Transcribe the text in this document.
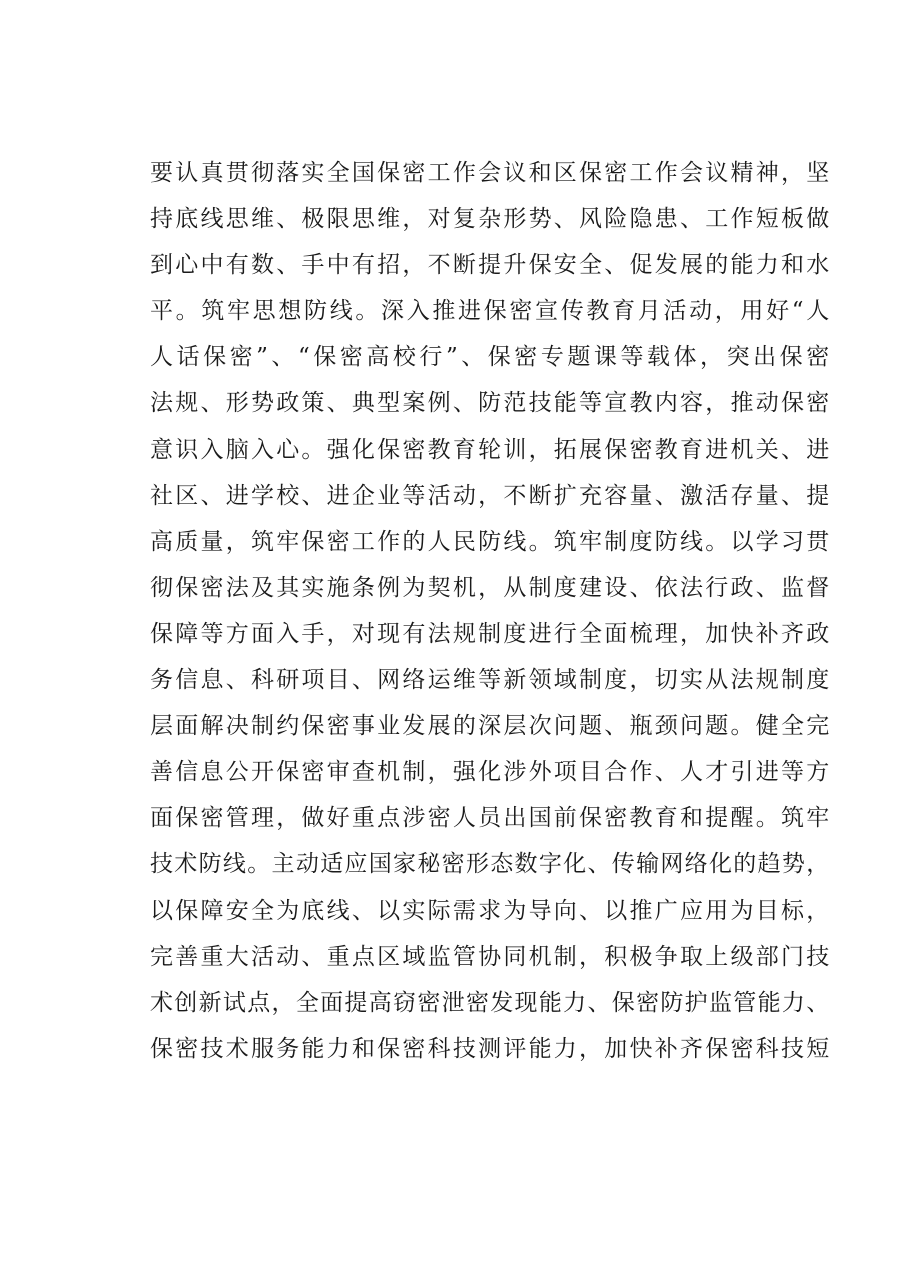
要认真贯彻落实全国保密工作会议和区保密工作会议精神，坚
持底线思维、极限思维，对复杂形势、风险隐患、工作短板做
到心中有数、手中有招，不断提升保安全、促发展的能力和水
平。筑牢思想防线。深入推进保密宣传教育月活动，用好“人
人话保密”、“保密高校行”、保密专题课等载体，突出保密
法规、形势政策、典型案例、防范技能等宣教内容，推动保密
意识入脑入心。强化保密教育轮训，拓展保密教育进机关、进
社区、进学校、进企业等活动，不断扩充容量、激活存量、提
高质量，筑牢保密工作的人民防线。筑牢制度防线。以学习贯
彻保密法及其实施条例为契机，从制度建设、依法行政、监督
保障等方面入手，对现有法规制度进行全面梳理，加快补齐政
务信息、科研项目、网络运维等新领域制度，切实从法规制度
层面解决制约保密事业发展的深层次问题、瓶颈问题。健全完
善信息公开保密审查机制，强化涉外项目合作、人才引进等方
面保密管理，做好重点涉密人员出国前保密教育和提醒。筑牢
技术防线。主动适应国家秘密形态数字化、传输网络化的趋势，
以保障安全为底线、以实际需求为导向、以推广应用为目标，
完善重大活动、重点区域监管协同机制，积极争取上级部门技
术创新试点，全面提高窃密泄密发现能力、保密防护监管能力、
保密技术服务能力和保密科技测评能力，加快补齐保密科技短
